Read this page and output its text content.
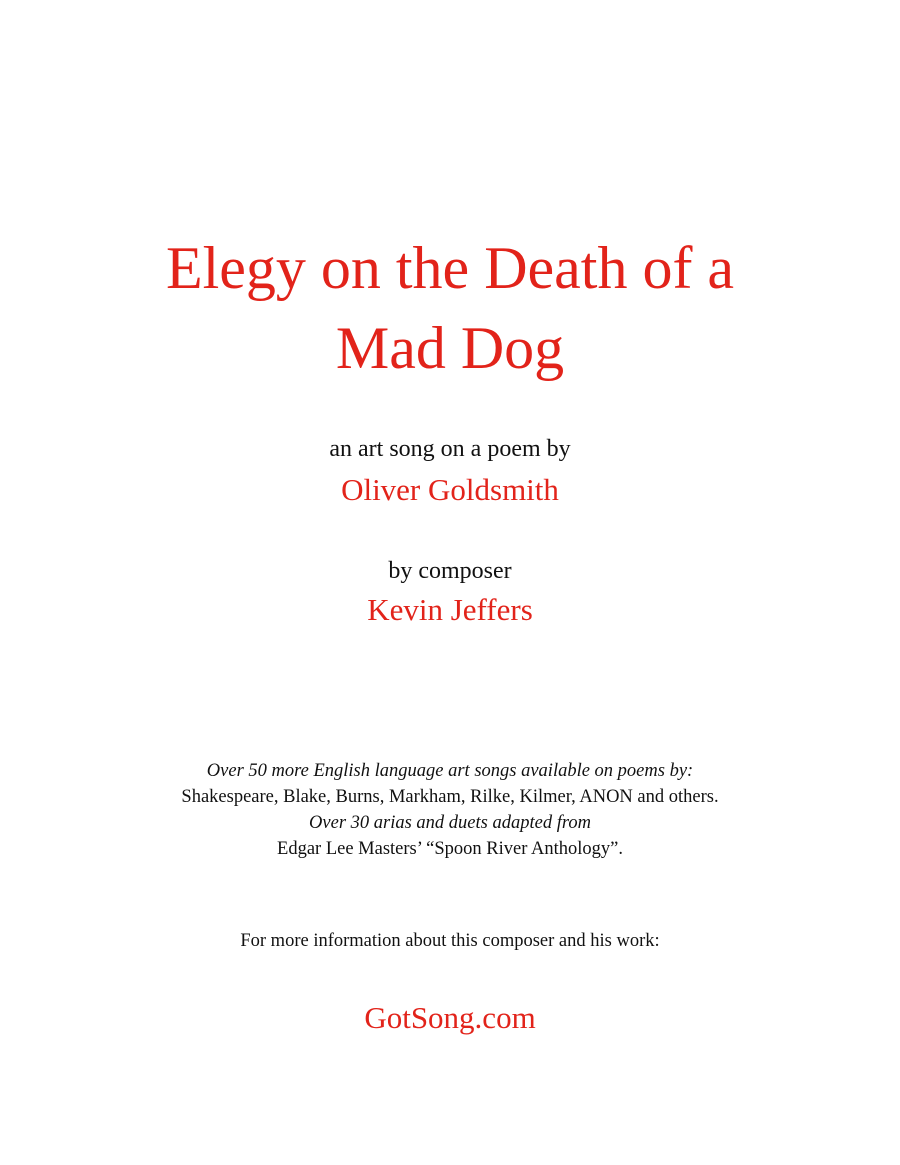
Elegy on the Death of a
Mad Dog
an art song on a poem by
Oliver Goldsmith
by composer
Kevin Jeffers
Over 50 more English language art songs available on poems by:
Shakespeare, Blake, Burns, Markham, Rilke, Kilmer, ANON and others.
Over 30 arias and duets adapted from
Edgar Lee Masters’ “Spoon River Anthology”.
For more information about this composer and his work:
GotSong.com
